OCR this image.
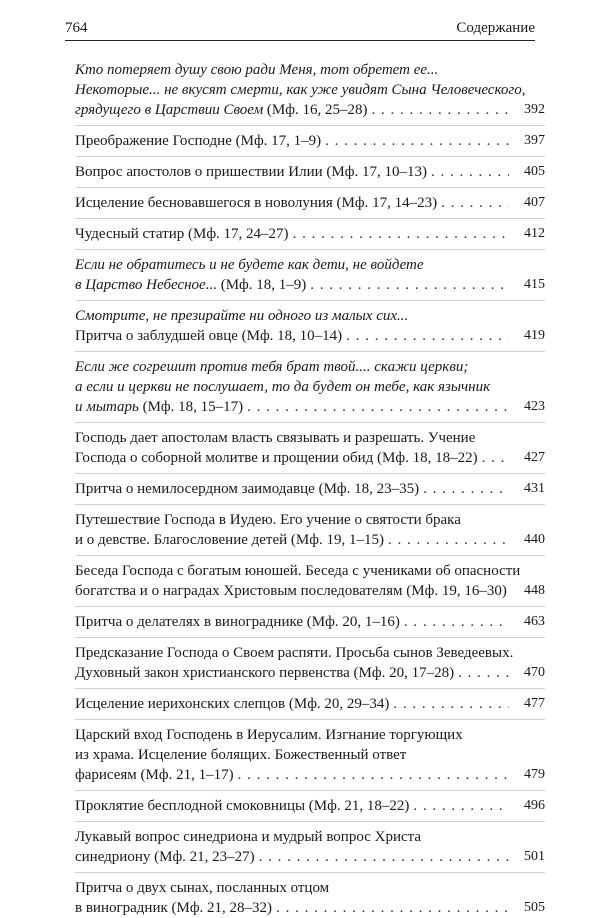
764	Содержание
Кто потеряет душу свою ради Меня, тот обретет ее...
Некоторые... не вкусят смерти, как уже увидят Сына Человеческого,
грядущего в Царствии Своем (Мф. 16, 25–28) . . .	392
Преображение Господне (Мф. 17, 1–9) . . .	397
Вопрос апостолов о пришествии Илии (Мф. 17, 10–13) . . .	405
Исцеление бесновавшегося в новолуния (Мф. 17, 14–23) . . .	407
Чудесный статир (Мф. 17, 24–27) . . .	412
Если не обратитесь и не будете как дети, не войдете
в Царство Небесное... (Мф. 18, 1–9) . . .	415
Смотрите, не презирайте ни одного из малых сих...
Притча о заблудшей овце (Мф. 18, 10–14) . . .	419
Если же согрешит против тебя брат твой.... скажи церкви;
а если и церкви не послушает, то да будет он тебе, как язычник
и мытарь (Мф. 18, 15–17) . . .	423
Господь дает апостолам власть связывать и разрешать. Учение
Господа о соборной молитве и прощении обид (Мф. 18, 18–22) . . .	427
Притча о немилосердном заимодавце (Мф. 18, 23–35) . . .	431
Путешествие Господа в Иудею. Его учение о святости брака
и о девстве. Благословение детей (Мф. 19, 1–15) . . .	440
Беседа Господа с богатым юношей. Беседа с учениками об опасности
богатства и о наградах Христовым последователям (Мф. 19, 16–30) 448
Притча о делателях в винограднике (Мф. 20, 1–16) . . .	463
Предсказание Господа о Своем распяти. Просьба сынов Зеведеевых.
Духовный закон христианского первенства (Мф. 20, 17–28) . . .	470
Исцеление иерихонских слепцов (Мф. 20, 29–34) . . .	477
Царский вход Господень в Иерусалим. Изгнание торгующих
из храма. Исцеление болящих. Божественный ответ
фарисеям (Мф. 21, 1–17) . . .	479
Проклятие бесплодной смоковницы (Мф. 21, 18–22) . . .	496
Лукавый вопрос синедриона и мудрый вопрос Христа
синедриону (Мф. 21, 23–27) . . .	501
Притча о двух сынах, посланных отцом
в виноградник (Мф. 21, 28–32) . . .	505
